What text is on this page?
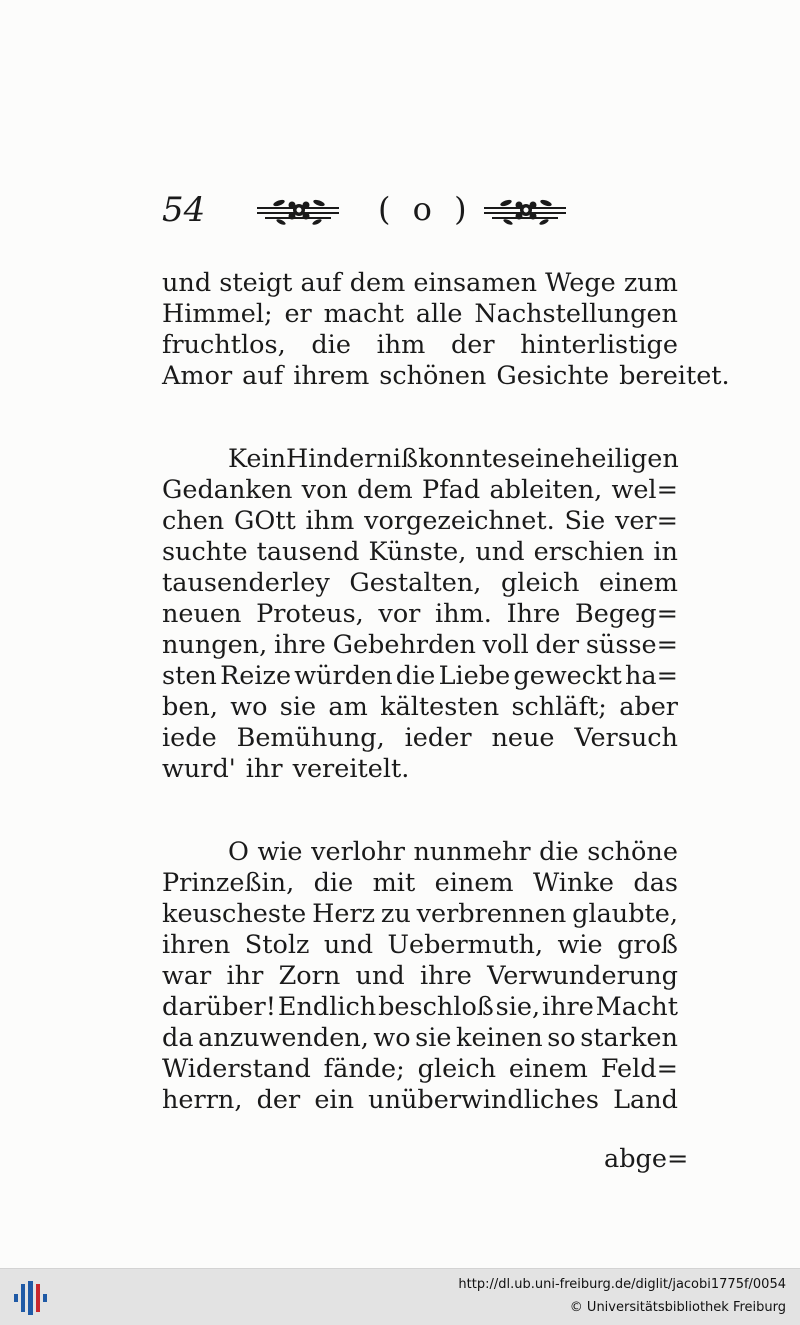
54	( o )
und steigt auf dem einsamen Wege zum
Himmel; er macht alle Nachstellungen
fruchtlos, die ihm der hinterlistige
Amor auf ihrem schönen Gesichte bereitet.
Kein Hinderniß konnte seine heiligen
Gedanken von dem Pfad ableiten, wel=
chen GOtt ihm vorgezeichnet. Sie ver=
suchte tausend Künste, und erschien in
tausenderley Gestalten, gleich einem
neuen Proteus, vor ihm. Ihre Begeg=
nungen, ihre Gebehrden voll der süsse=
sten Reize würden die Liebe geweckt ha=
ben, wo sie am kältesten schläft; aber
iede Bemühung, ieder neue Versuch
wurd' ihr vereitelt.
O wie verlohr nunmehr die schöne
Prinzeßin, die mit einem Winke das
keuscheste Herz zu verbrennen glaubte,
ihren Stolz und Uebermuth, wie groß
war ihr Zorn und ihre Verwunderung
darüber! Endlich beschloß sie, ihre Macht
da anzuwenden, wo sie keinen so starken
Widerstand fände; gleich einem Feld=
herrn, der ein unüberwindliches Land
abge=
http://dl.ub.uni-freiburg.de/diglit/jacobi1775f/0054
© Universitätsbibliothek Freiburg
